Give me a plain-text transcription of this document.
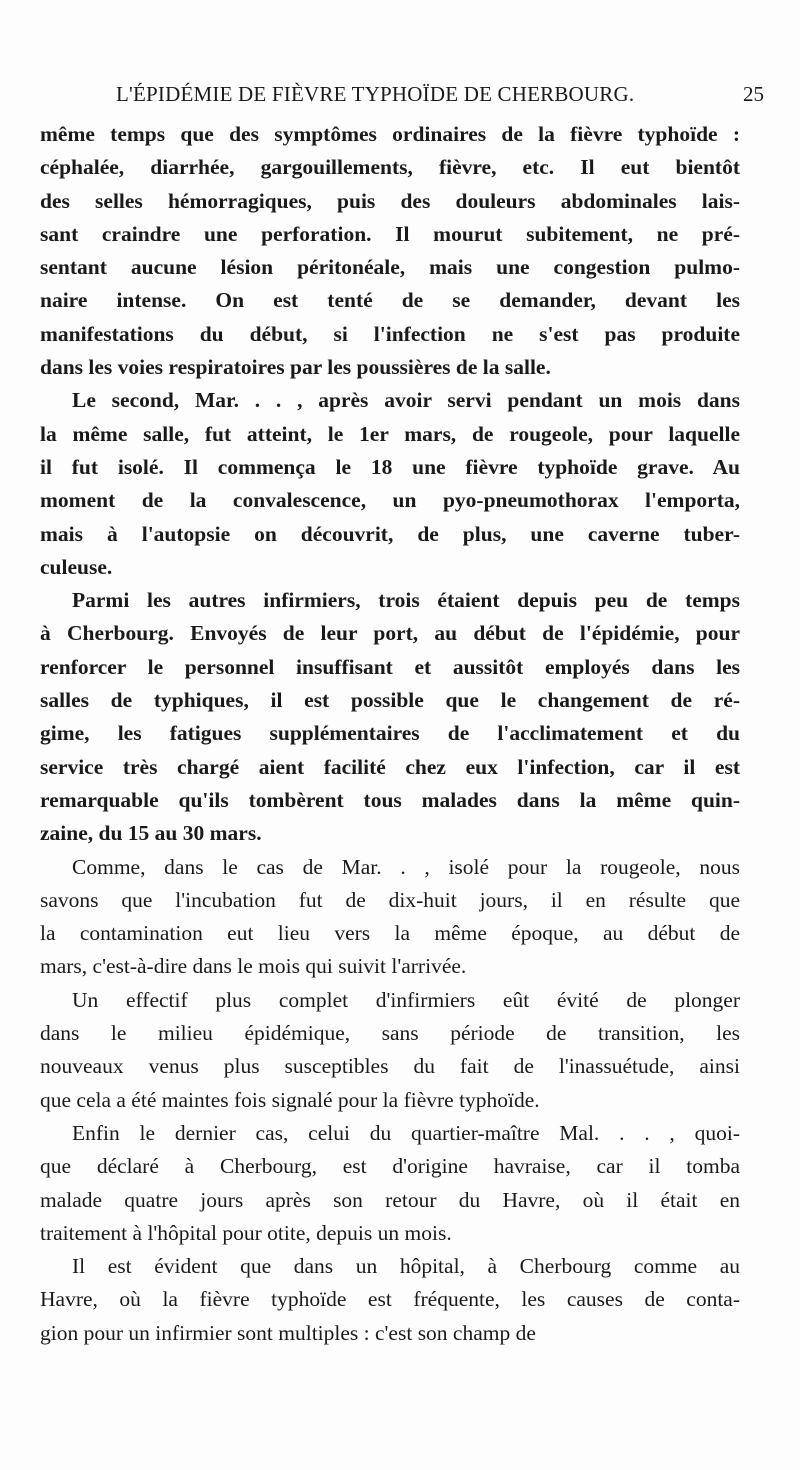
L'ÉPIDÉMIE DE FIÈVRE TYPHOÏDE DE CHERBOURG.	25
même temps que des symptômes ordinaires de la fièvre typhoïde :
céphalée, diarrhée, gargouillements, fièvre, etc. Il eut bientôt
des selles hémorragiques, puis des douleurs abdominales lais-
sant craindre une perforation. Il mourut subitement, ne pré-
sentant aucune lésion péritonéale, mais une congestion pulmo-
naire intense. On est tenté de se demander, devant les
manifestations du début, si l'infection ne s'est pas produite
dans les voies respiratoires par les poussières de la salle.
Le second, Mar. . . , après avoir servi pendant un mois dans
la même salle, fut atteint, le 1er mars, de rougeole, pour laquelle
il fut isolé. Il commença le 18 une fièvre typhoïde grave. Au
moment de la convalescence, un pyo-pneumothorax l'emporta,
mais à l'autopsie on découvrit, de plus, une caverne tuber-
culeuse.
Parmi les autres infirmiers, trois étaient depuis peu de temps
à Cherbourg. Envoyés de leur port, au début de l'épidémie, pour
renforcer le personnel insuffisant et aussitôt employés dans les
salles de typhiques, il est possible que le changement de ré-
gime, les fatigues supplémentaires de l'acclimatement et du
service très chargé aient facilité chez eux l'infection, car il est
remarquable qu'ils tombèrent tous malades dans la même quin-
zaine, du 15 au 30 mars.
Comme, dans le cas de Mar. . , isolé pour la rougeole, nous
savons que l'incubation fut de dix-huit jours, il en résulte que
la contamination eut lieu vers la même époque, au début de
mars, c'est-à-dire dans le mois qui suivit l'arrivée.
Un effectif plus complet d'infirmiers eût évité de plonger
dans le milieu épidémique, sans période de transition, les
nouveaux venus plus susceptibles du fait de l'inassuétude, ainsi
que cela a été maintes fois signalé pour la fièvre typhoïde.
Enfin le dernier cas, celui du quartier-maître Mal. . . , quoi-
que déclaré à Cherbourg, est d'origine havraise, car il tomba
malade quatre jours après son retour du Havre, où il était en
traitement à l'hôpital pour otite, depuis un mois.
Il est évident que dans un hôpital, à Cherbourg comme au
Havre, où la fièvre typhoïde est fréquente, les causes de conta-
gion pour un infirmier sont multiples : c'est son champ de
